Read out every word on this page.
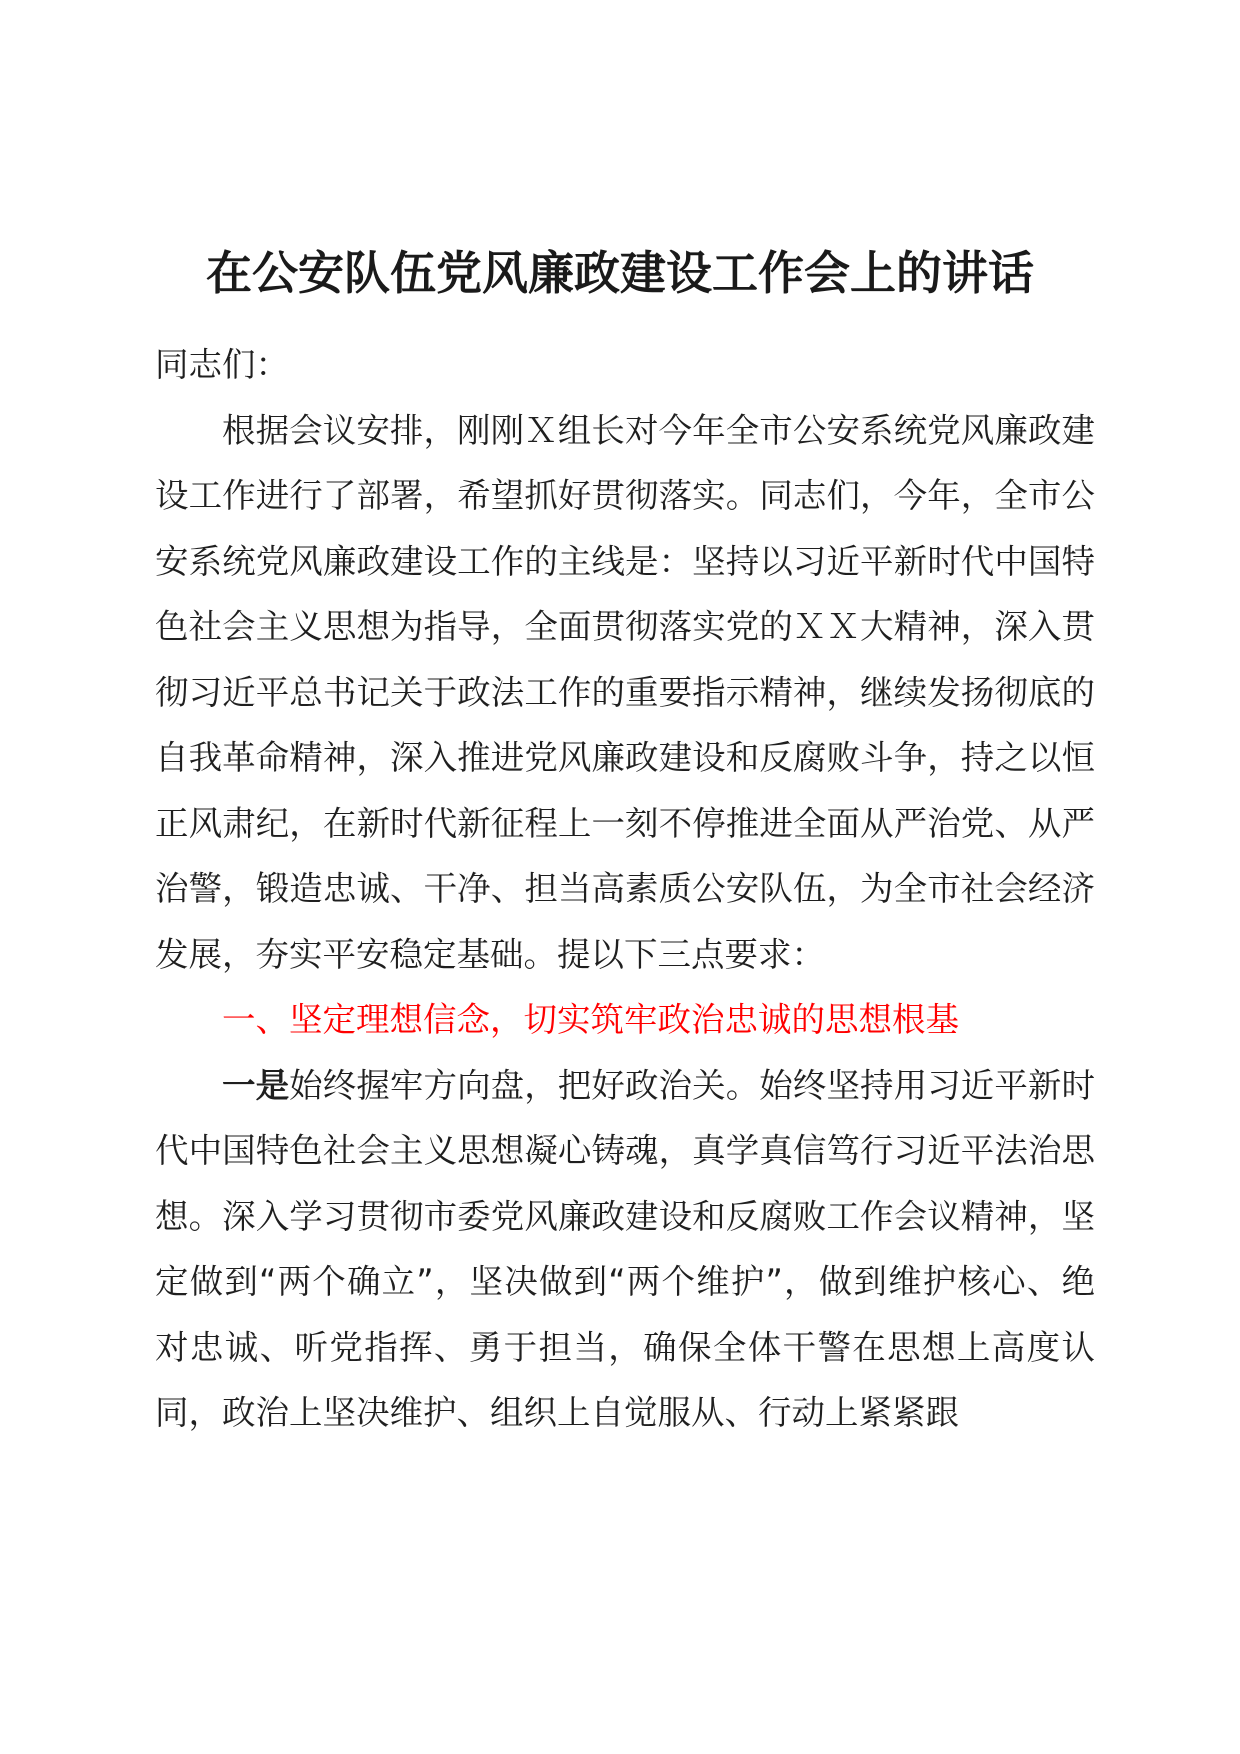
在公安队伍党风廉政建设工作会上的讲话

同志们：

根据会议安排，刚刚Ｘ组长对今年全市公安系统党风廉政建设工作进行了部署，希望抓好贯彻落实。同志们，今年，全市公安系统党风廉政建设工作的主线是：坚持以习近平新时代中国特色社会主义思想为指导，全面贯彻落实党的ＸＸ大精神，深入贯彻习近平总书记关于政法工作的重要指示精神，继续发扬彻底的自我革命精神，深入推进党风廉政建设和反腐败斗争，持之以恒正风肃纪，在新时代新征程上一刻不停推进全面从严治党、从严治警，锻造忠诚、干净、担当高素质公安队伍，为全市社会经济发展，夯实平安稳定基础。提以下三点要求：

一、坚定理想信念，切实筑牢政治忠诚的思想根基

一是始终握牢方向盘，把好政治关。始终坚持用习近平新时代中国特色社会主义思想凝心铸魂，真学真信笃行习近平法治思想。深入学习贯彻市委党风廉政建设和反腐败工作会议精神，坚定做到“两个确立”，坚决做到“两个维护”，做到维护核心、绝对忠诚、听党指挥、勇于担当，确保全体干警在思想上高度认同，政治上坚决维护、组织上自觉服从、行动上紧紧跟
